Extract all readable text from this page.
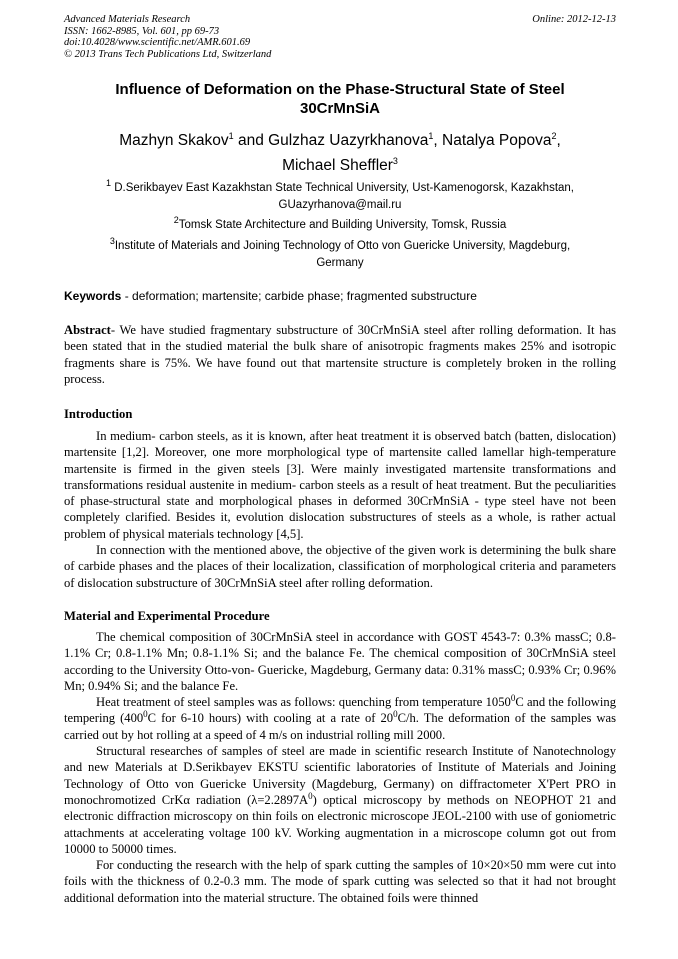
Advanced Materials Research
ISSN: 1662-8985, Vol. 601, pp 69-73
doi:10.4028/www.scientific.net/AMR.601.69
© 2013 Trans Tech Publications Ltd, Switzerland
Online: 2012-12-13
Influence of Deformation on the Phase-Structural State of Steel
30CrMnSiA
Mazhyn Skakov$^1$ and Gulzhaz Uazyrkhanova$^1$, Natalya Popova$^2$,
Michael Sheffler$^3$
$^1$ D.Serikbayev East Kazakhstan State Technical University, Ust-Kamenogorsk, Kazakhstan,
GUazyrhanova@mail.ru
$^2$Tomsk State Architecture and Building University, Tomsk, Russia
$^3$Institute of Materials and Joining Technology of Otto von Guericke University, Magdeburg,
Germany
Keywords - deformation; martensite; carbide phase; fragmented substructure

Abstract- We have studied fragmentary substructure of 30CrMnSiA steel after rolling deformation. It has been stated that in the studied material the bulk share of anisotropic fragments makes 25% and isotropic fragments share is 75%. We have found out that martensite structure is completely broken in the rolling process.

Introduction

In medium- carbon steels, as it is known, after heat treatment it is observed batch (batten, dislocation) martensite [1,2]. Moreover, one more morphological type of martensite called lamellar high-temperature martensite is firmed in the given steels [3]. Were mainly investigated martensite transformations and transformations residual austenite in medium- carbon steels as a result of heat treatment. But the peculiarities of phase-structural state and morphological phases in deformed 30CrMnSiA - type steel have not been completely clarified. Besides it, evolution dislocation substructures of steels as a whole, is rather actual problem of physical materials technology [4,5].

In connection with the mentioned above, the objective of the given work is determining the bulk share of carbide phases and the places of their localization, classification of morphological criteria and parameters of dislocation substructure of 30CrMnSiA steel after rolling deformation.

Material and Experimental Procedure

The chemical composition of 30CrMnSiA steel in accordance with GOST 4543-7: 0.3% massC; 0.8-1.1% Cr; 0.8-1.1% Mn; 0.8-1.1% Si; and the balance Fe. The chemical composition of 30CrMnSiA steel according to the University Otto-von- Guericke, Magdeburg, Germany data: 0.31% massC; 0.93% Cr; 0.96% Mn; 0.94% Si; and the balance Fe.

Heat treatment of steel samples was as follows: quenching from temperature 1050$^0$C and the following tempering ($400^0C$ for 6-10 hours) with cooling at a rate of $20^0C/h$. The deformation of the samples was carried out by hot rolling at a speed of 4 m/s on industrial rolling mill 2000.

Structural researches of samples of steel are made in scientific research Institute of Nanotechnology and new Materials at D.Serikbayev EKSTU scientific laboratories of Institute of Materials and Joining Technology of Otto von Guericke University (Magdeburg, Germany) on diffractometer X'Pert PRO in monochromotized CrKα radiation $(\lambda=2.2897A^0)$ optical microscopy by methods on NEOPHOT 21 and electronic diffraction microscopy on thin foils on electronic microscope JEOL-2100 with use of goniometric attachments at accelerating voltage 100 kV. Working augmentation in a microscope column got out from 10000 to 50000 times.

For conducting the research with the help of spark cutting the samples of 10×20×50 mm were cut into foils with the thickness of 0.2-0.3 mm. The mode of spark cutting was selected so that it had not brought additional deformation into the material structure. The obtained foils were thinned
